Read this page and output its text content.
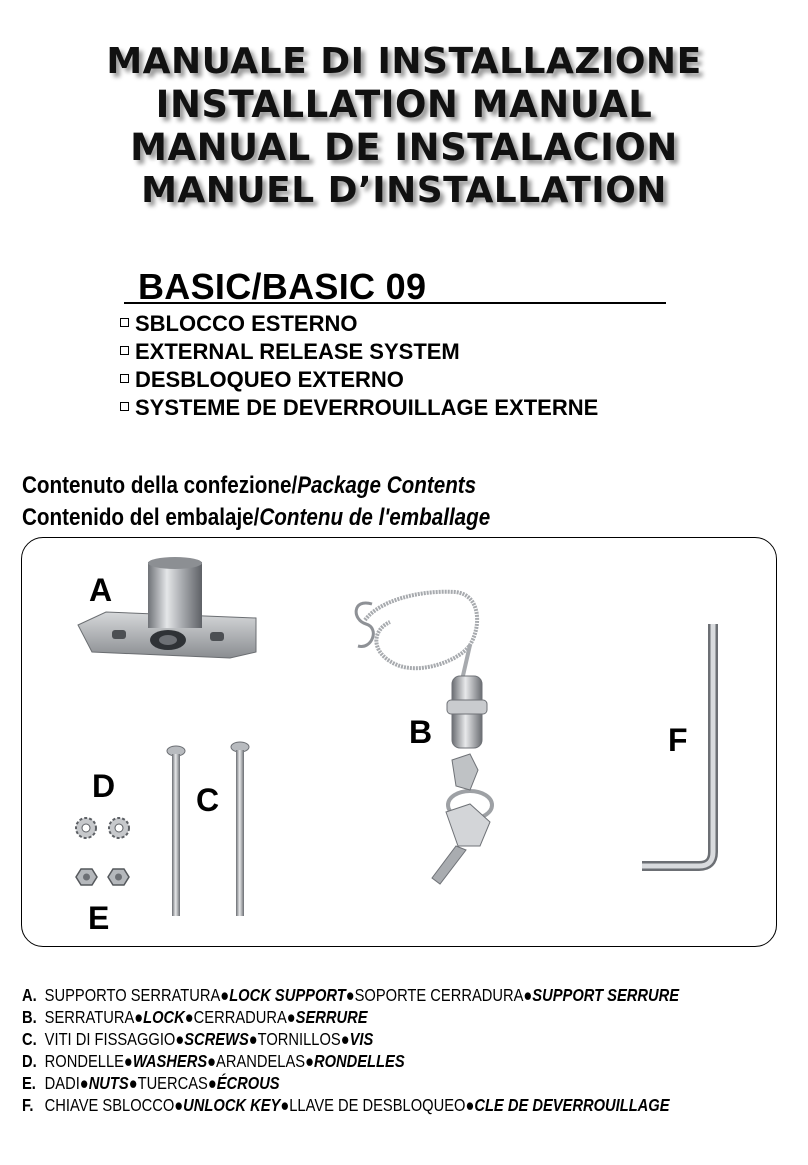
MANUALE DI INSTALLAZIONE
INSTALLATION MANUAL
MANUAL DE INSTALACION
MANUEL D’INSTALLATION
BASIC/BASIC 09
SBLOCCO ESTERNO
EXTERNAL RELEASE SYSTEM
DESBLOQUEO EXTERNO
SYSTEME DE DEVERROUILLAGE EXTERNE
Contenuto della confezione/Package Contents
Contenido del embalaje/Contenu de l'emballage
A
B
C
D
E
F
A. SUPPORTO SERRATURA●LOCK SUPPORT●SOPORTE CERRADURA●SUPPORT SERRURE
B. SERRATURA●LOCK●CERRADURA●SERRURE
C. VITI DI FISSAGGIO●SCREWS●TORNILLOS●VIS
D. RONDELLE●WASHERS●ARANDELAS●RONDELLES
E. DADI●NUTS●TUERCAS●ÉCROUS
F. CHIAVE SBLOCCO●UNLOCK KEY●LLAVE DE DESBLOQUEO●CLE DE DEVERROUILLAGE
